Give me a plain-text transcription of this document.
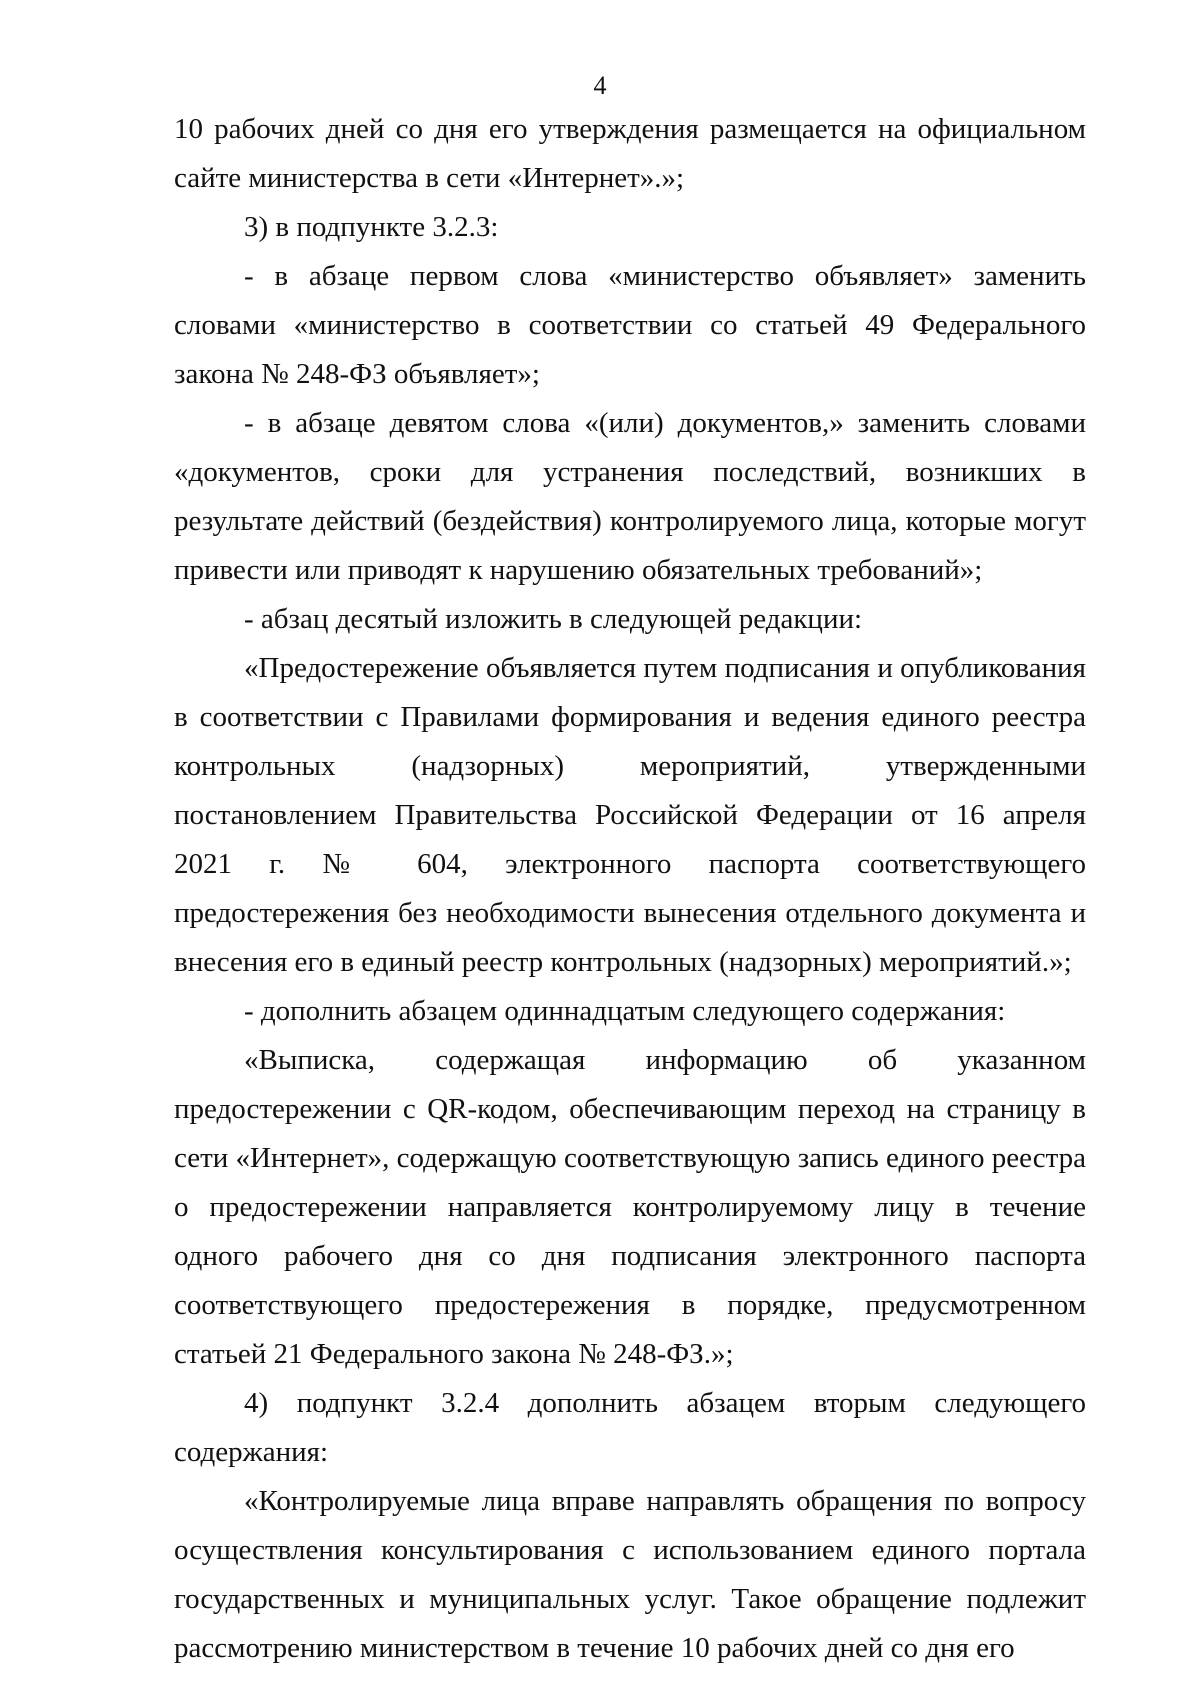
4

10 рабочих дней со дня его утверждения размещается на официальном сайте министерства в сети «Интернет».»;

3) в подпункте 3.2.3:

- в абзаце первом слова «министерство объявляет» заменить словами «министерство в соответствии со статьей 49 Федерального закона № 248-ФЗ объявляет»;

- в абзаце девятом слова «(или) документов,» заменить словами «документов, сроки для устранения последствий, возникших в результате действий (бездействия) контролируемого лица, которые могут привести или приводят к нарушению обязательных требований»;

- абзац десятый изложить в следующей редакции:

«Предостережение объявляется путем подписания и опубликования в соответствии с Правилами формирования и ведения единого реестра контрольных (надзорных) мероприятий, утвержденными постановлением Правительства Российской Федерации от 16 апреля 2021 г. № 604, электронного паспорта соответствующего предостережения без необходимости вынесения отдельного документа и внесения его в единый реестр контрольных (надзорных) мероприятий.»;

- дополнить абзацем одиннадцатым следующего содержания:

«Выписка, содержащая информацию об указанном предостережении с QR-кодом, обеспечивающим переход на страницу в сети «Интернет», содержащую соответствующую запись единого реестра о предостережении направляется контролируемому лицу в течение одного рабочего дня со дня подписания электронного паспорта соответствующего предостережения в порядке, предусмотренном статьей 21 Федерального закона № 248-ФЗ.»;

4) подпункт 3.2.4 дополнить абзацем вторым следующего содержания:

«Контролируемые лица вправе направлять обращения по вопросу осуществления консультирования с использованием единого портала государственных и муниципальных услуг. Такое обращение подлежит рассмотрению министерством в течение 10 рабочих дней со дня его
